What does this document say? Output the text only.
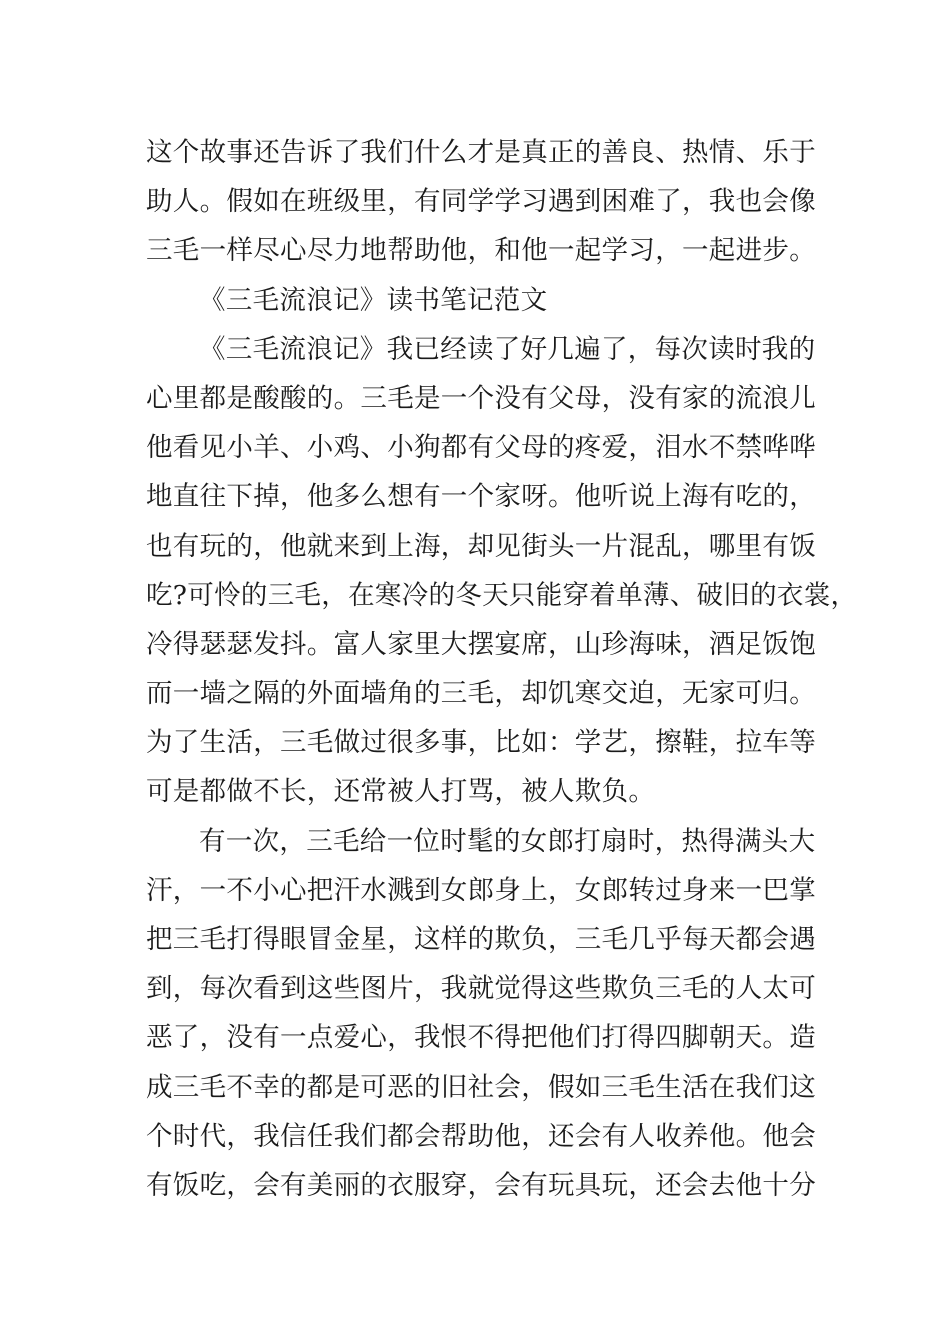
这个故事还告诉了我们什么才是真正的善良、热情、乐于
助人。假如在班级里，有同学学习遇到困难了，我也会像
三毛一样尽心尽力地帮助他，和他一起学习，一起进步。
《三毛流浪记》读书笔记范文
《三毛流浪记》我已经读了好几遍了，每次读时我的
心里都是酸酸的。三毛是一个没有父母，没有家的流浪儿
他看见小羊、小鸡、小狗都有父母的疼爱，泪水不禁哗哗
地直往下掉，他多么想有一个家呀。他听说上海有吃的，
也有玩的，他就来到上海，却见街头一片混乱，哪里有饭
吃?可怜的三毛，在寒冷的冬天只能穿着单薄、破旧的衣裳，
冷得瑟瑟发抖。富人家里大摆宴席，山珍海味，酒足饭饱
而一墙之隔的外面墙角的三毛，却饥寒交迫，无家可归。
为了生活，三毛做过很多事，比如：学艺，擦鞋，拉车等
可是都做不长，还常被人打骂，被人欺负。
有一次，三毛给一位时髦的女郎打扇时，热得满头大
汗，一不小心把汗水溅到女郎身上，女郎转过身来一巴掌
把三毛打得眼冒金星，这样的欺负，三毛几乎每天都会遇
到，每次看到这些图片，我就觉得这些欺负三毛的人太可
恶了，没有一点爱心，我恨不得把他们打得四脚朝天。造
成三毛不幸的都是可恶的旧社会，假如三毛生活在我们这
个时代，我信任我们都会帮助他，还会有人收养他。他会
有饭吃，会有美丽的衣服穿，会有玩具玩，还会去他十分
